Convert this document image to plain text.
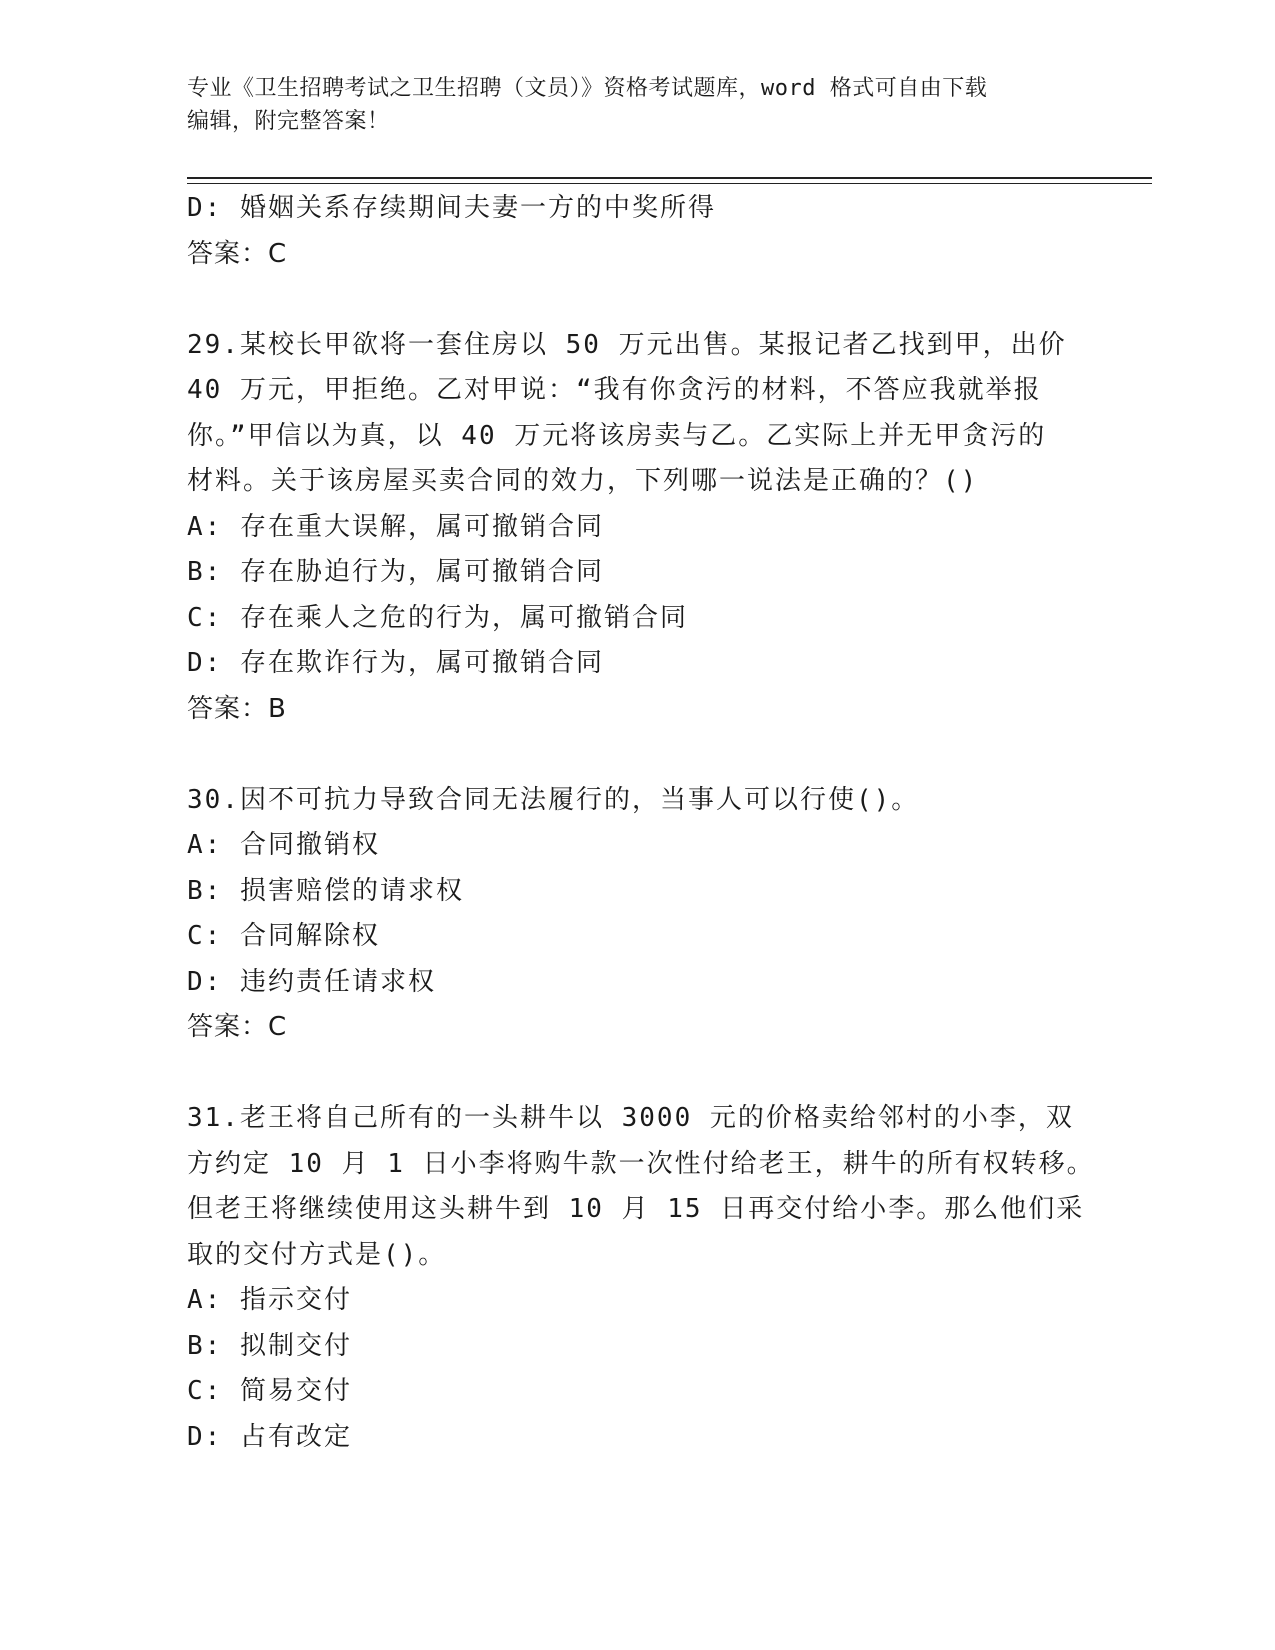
专业《卫生招聘考试之卫生招聘（文员）》资格考试题库，word 格式可自由下载
编辑，附完整答案！
D: 婚姻关系存续期间夫妻一方的中奖所得
答案：C
29.某校长甲欲将一套住房以 50 万元出售。某报记者乙找到甲，出价
40 万元，甲拒绝。乙对甲说：“我有你贪污的材料，不答应我就举报
你。”甲信以为真，以 40 万元将该房卖与乙。乙实际上并无甲贪污的
材料。关于该房屋买卖合同的效力，下列哪一说法是正确的？()
A: 存在重大误解，属可撤销合同
B: 存在胁迫行为，属可撤销合同
C: 存在乘人之危的行为，属可撤销合同
D: 存在欺诈行为，属可撤销合同
答案：B
30.因不可抗力导致合同无法履行的，当事人可以行使()。
A: 合同撤销权
B: 损害赔偿的请求权
C: 合同解除权
D: 违约责任请求权
答案：C
31.老王将自己所有的一头耕牛以 3000 元的价格卖给邻村的小李，双
方约定 10 月 1 日小李将购牛款一次性付给老王，耕牛的所有权转移。
但老王将继续使用这头耕牛到 10 月 15 日再交付给小李。那么他们采
取的交付方式是()。
A: 指示交付
B: 拟制交付
C: 简易交付
D: 占有改定
